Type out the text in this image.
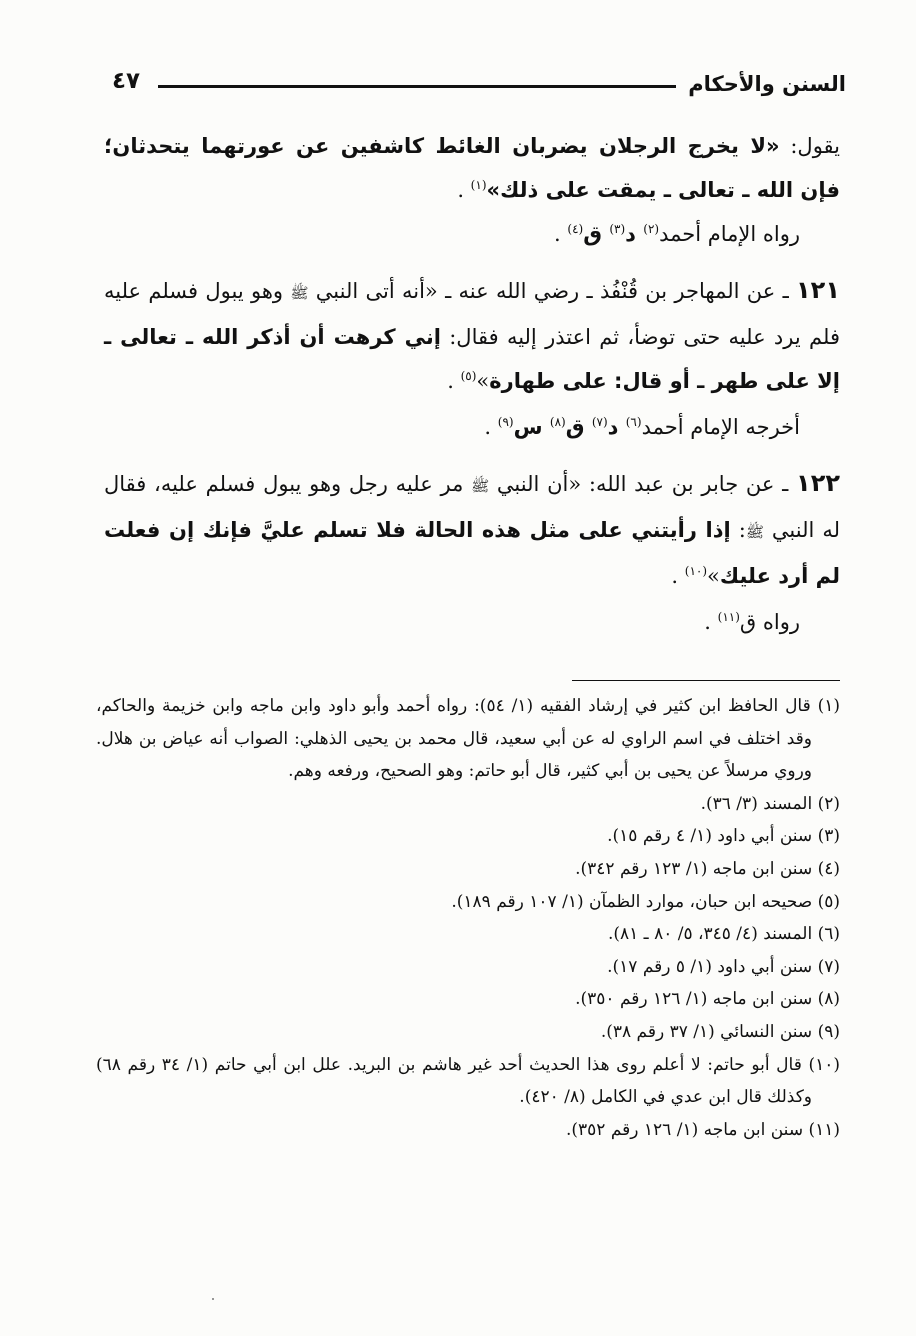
السنن والأحكام
٤٧

يقول: «لا يخرج الرجلان يضربان الغائط كاشفين عن عورتهما يتحدثان؛ فإن الله ـ تعالى ـ يمقت على ذلك»$^{(١)}$ .

رواه الإمام أحمد$^{(٢)}$ د$^{(٣)}$ ق$^{(٤)}$ .

١٢١ ـ عن المهاجر بن قُنْفُذ ـ رضي الله عنه ـ «أنه أتى النبي ﷺ وهو يبول فسلم عليه فلم يرد عليه حتى توضأ، ثم اعتذر إليه فقال: إني كرهت أن أذكر الله ـ تعالى ـ إلا على طهر ـ أو قال: على طهارة»$^{(٥)}$ .

أخرجه الإمام أحمد$^{(٦)}$ د$^{(٧)}$ ق$^{(٨)}$ س$^{(٩)}$ .

١٢٢ ـ عن جابر بن عبد الله: «أن النبي ﷺ مر عليه رجل وهو يبول فسلم عليه، فقال له النبي ﷺ: إذا رأيتني على مثل هذه الحالة فلا تسلم عليَّ فإنك إن فعلت لم أرد عليك»$^{(١٠)}$ .

رواه ق$^{(١١)}$ .

(١) قال الحافظ ابن كثير في إرشاد الفقيه (١/ ٥٤): رواه أحمد وأبو داود وابن ماجه وابن خزيمة والحاكم، وقد اختلف في اسم الراوي له عن أبي سعيد، قال محمد بن يحيى الذهلي: الصواب أنه عياض بن هلال. وروي مرسلاً عن يحيى بن أبي كثير، قال أبو حاتم: وهو الصحيح، ورفعه وهم.

(٢) المسند (٣/ ٣٦).

(٣) سنن أبي داود (١/ ٤ رقم ١٥).

(٤) سنن ابن ماجه (١/ ١٢٣ رقم ٣٤٢).

(٥) صحيحه ابن حبان، موارد الظمآن (١/ ١٠٧ رقم ١٨٩).

(٦) المسند (٤/ ٣٤٥، ٥/ ٨٠ ـ ٨١).

(٧) سنن أبي داود (١/ ٥ رقم ١٧).

(٨) سنن ابن ماجه (١/ ١٢٦ رقم ٣٥٠).

(٩) سنن النسائي (١/ ٣٧ رقم ٣٨).

(١٠) قال أبو حاتم: لا أعلم روى هذا الحديث أحد غير هاشم بن البريد. علل ابن أبي حاتم (١/ ٣٤ رقم ٦٨) وكذلك قال ابن عدي في الكامل (٨/ ٤٢٠).

(١١) سنن ابن ماجه (١/ ١٢٦ رقم ٣٥٢).
